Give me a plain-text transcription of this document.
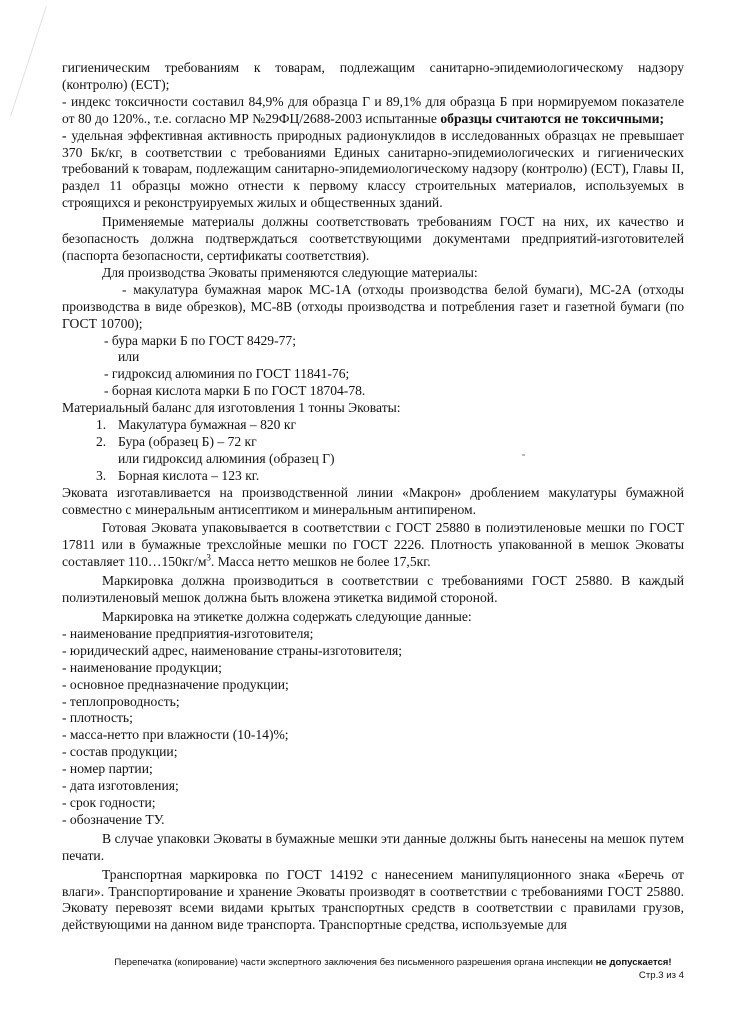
гигиеническим требованиям к товарам, подлежащим санитарно-эпидемиологическому надзору (контролю) (ЕСТ);

- индекс токсичности составил 84,9% для образца Г и 89,1% для образца Б при нормируемом показателе от 80 до 120%., т.е. согласно МР №29ФЦ/2688-2003 испытанные образцы считаются не токсичными;

- удельная эффективная активность природных радионуклидов в исследованных образцах не превышает 370 Бк/кг, в соответствии с требованиями Единых санитарно-эпидемиологических и гигиенических требований к товарам, подлежащим санитарно-эпидемиологическому надзору (контролю) (ЕСТ), Главы II, раздел 11 образцы можно отнести к первому классу строительных материалов, используемых в строящихся и реконструируемых жилых и общественных зданий.

Применяемые материалы должны соответствовать требованиям ГОСТ на них, их качество и безопасность должна подтверждаться соответствующими документами предприятий-изготовителей (паспорта безопасности, сертификаты соответствия).

Для производства Эковаты применяются следующие материалы:

- макулатура бумажная марок МС-1А (отходы производства белой бумаги), МС-2А (отходы производства в виде обрезков), МС-8В (отходы производства и потребления газет и газетной бумаги (по ГОСТ 10700);

- бура марки Б по ГОСТ 8429-77;

или

- гидроксид алюминия по ГОСТ 11841-76;

- борная кислота марки Б по ГОСТ 18704-78.

Материальный баланс для изготовления 1 тонны Эковаты:

1. Макулатура бумажная – 820 кг

2. Бура (образец Б) – 72 кг

или гидроксид алюминия (образец Г)

3. Борная кислота – 123 кг.

Эковата изготавливается на производственной линии «Макрон» дроблением макулатуры бумажной совместно с минеральным антисептиком и минеральным антипиреном.

Готовая Эковата упаковывается в соответствии с ГОСТ 25880 в полиэтиленовые мешки по ГОСТ 17811 или в бумажные трехслойные мешки по ГОСТ 2226. Плотность упакованной в мешок Эковаты составляет $110\dots 150кг/м^3$. Масса нетто мешков не более 17,5кг.

Маркировка должна производиться в соответствии с требованиями ГОСТ 25880. В каждый полиэтиленовый мешок должна быть вложена этикетка видимой стороной.

Маркировка на этикетке должна содержать следующие данные:

- наименование предприятия-изготовителя;

- юридический адрес, наименование страны-изготовителя;

- наименование продукции;

- основное предназначение продукции;

- теплопроводность;

- плотность;

- масса-нетто при влажности (10-14)%;

- состав продукции;

- номер партии;

- дата изготовления;

- срок годности;

- обозначение ТУ.

В случае упаковки Эковаты в бумажные мешки эти данные должны быть нанесены на мешок путем печати.

Транспортная маркировка по ГОСТ 14192 с нанесением манипуляционного знака «Беречь от влаги». Транспортирование и хранение Эковаты производят в соответствии с требованиями ГОСТ 25880. Эковату перевозят всеми видами крытых транспортных средств в соответствии с правилами грузов, действующими на данном виде транспорта. Транспортные средства, используемые для

Перепечатка (копирование) части экспертного заключения без письменного разрешения органа инспекции не допускается!
Стр.3 из 4
